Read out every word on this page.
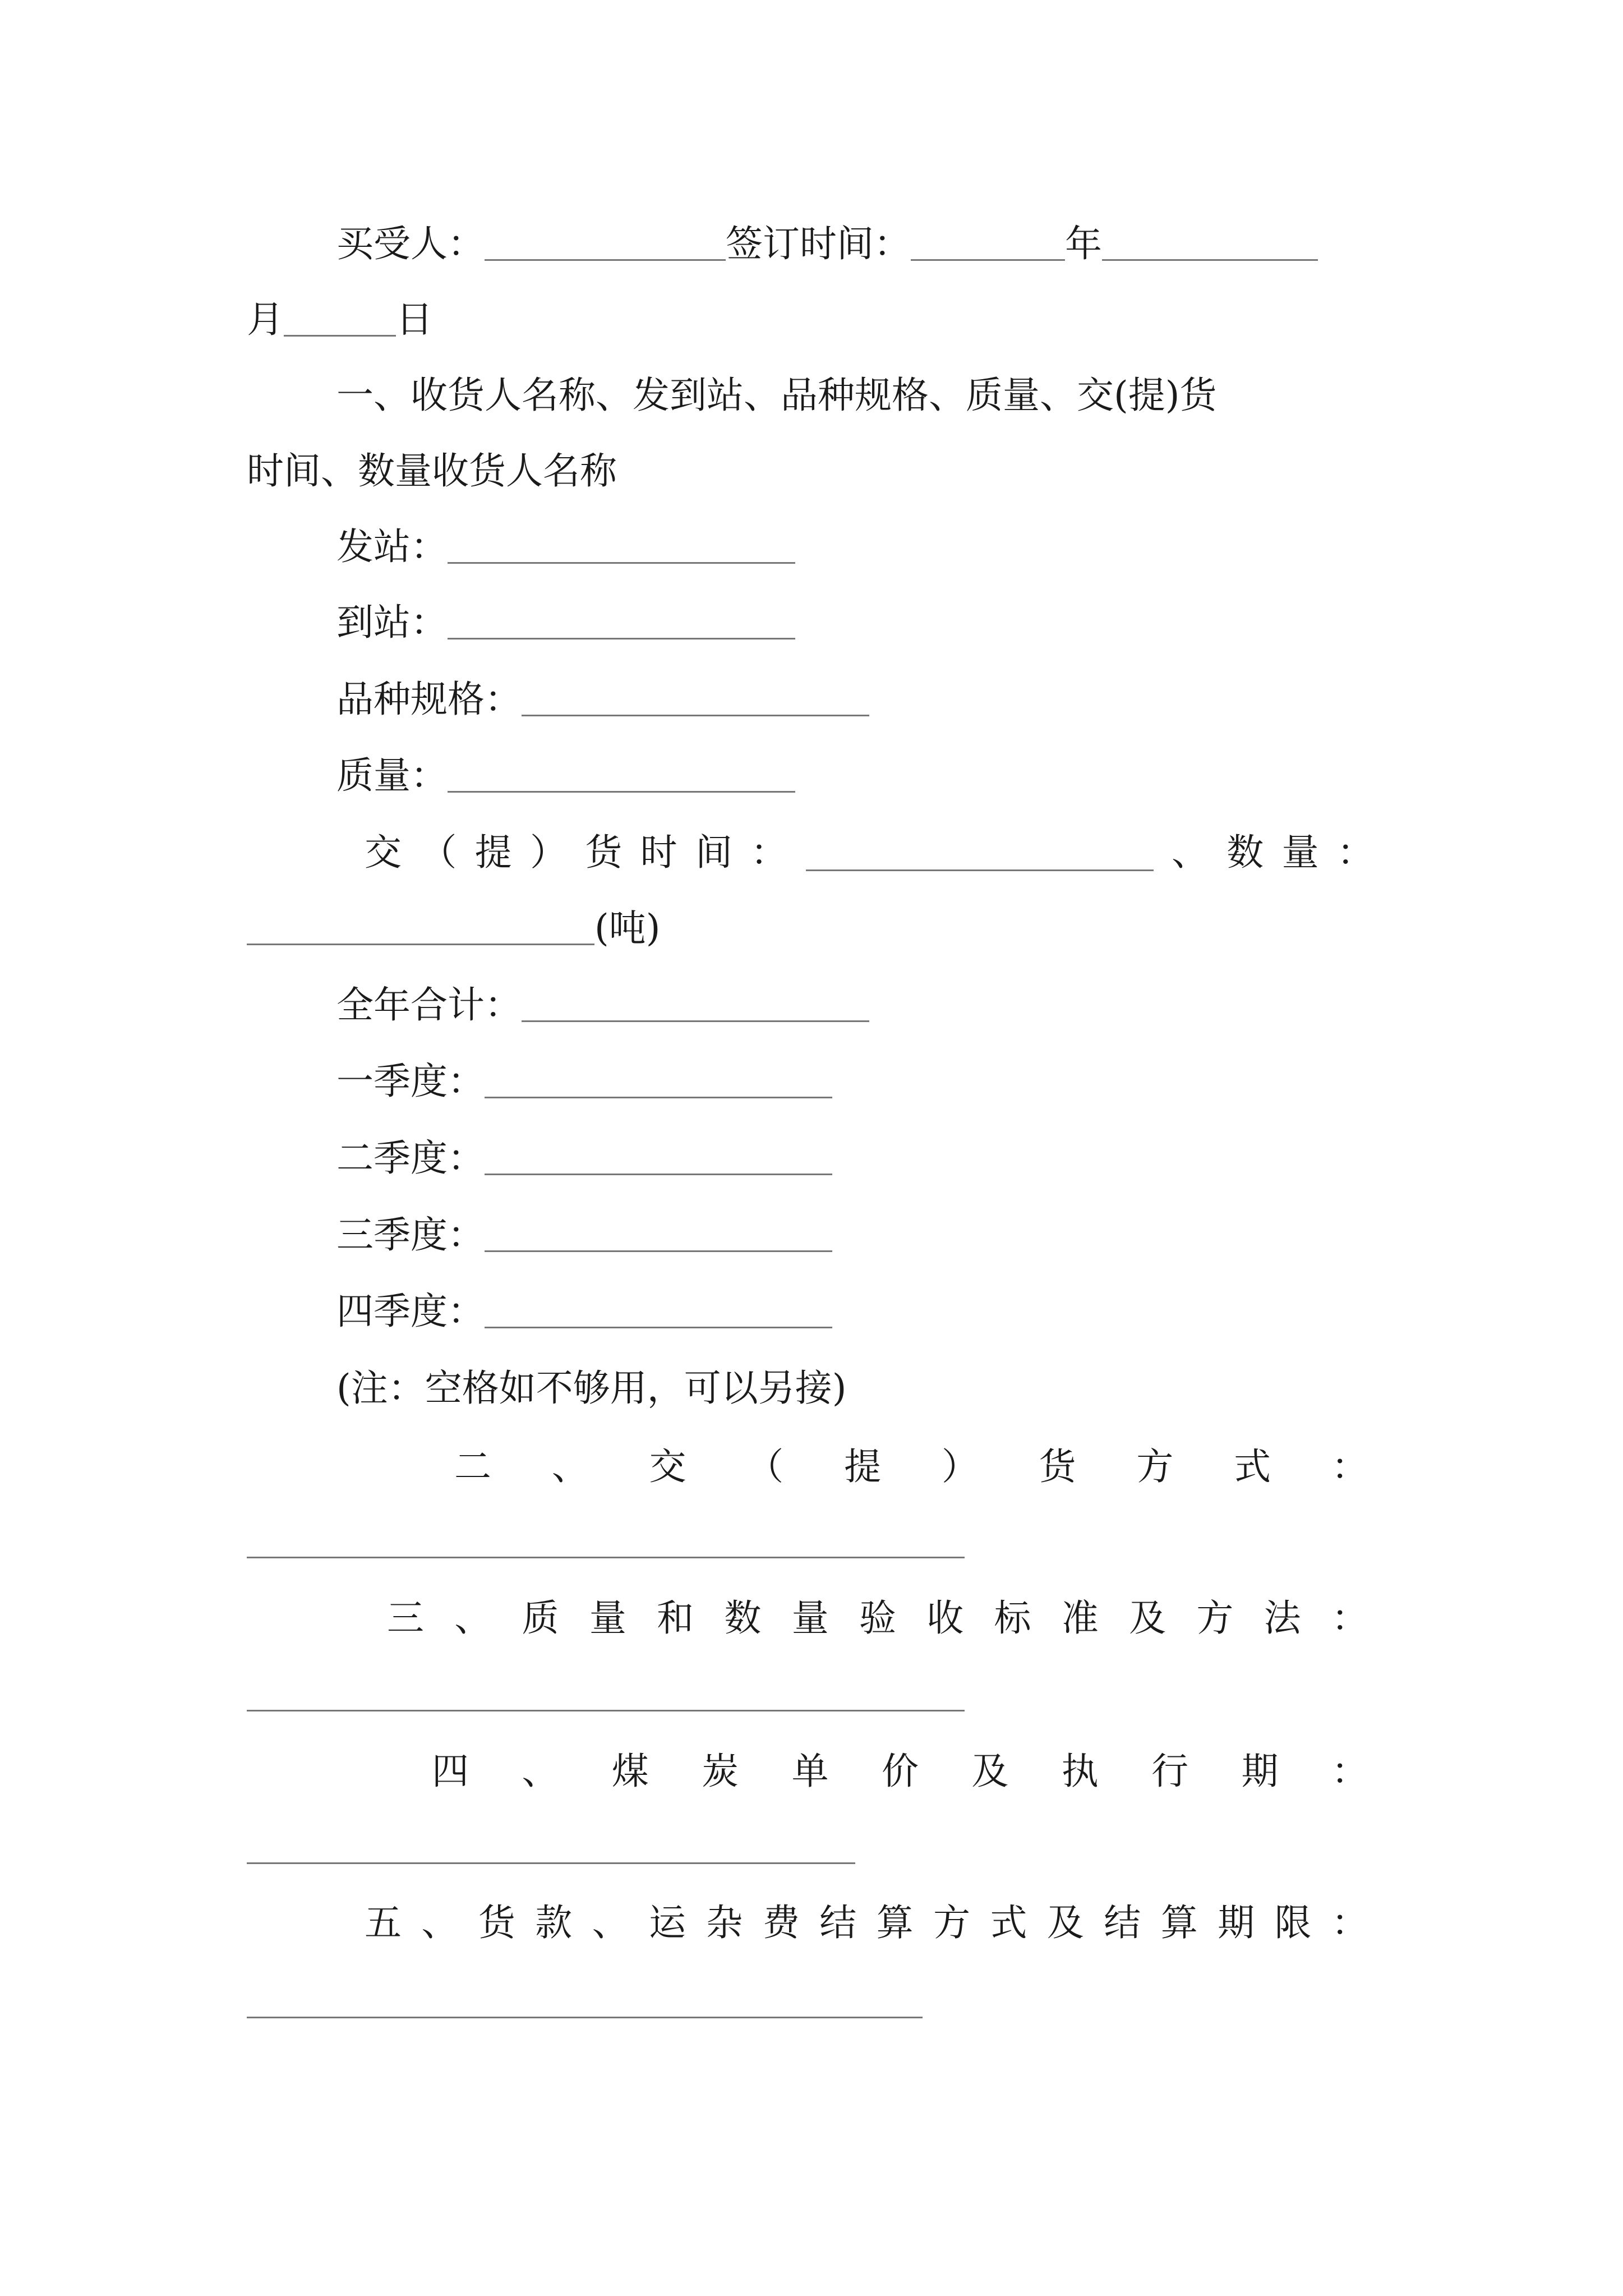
买受人：	签订时间：	年
月	日
一、收货人名称、发到站、品种规格、质量、交(提)货
时间、数量收货人名称
发站：
到站：
品种规格：
质量：
交 （ 提 ） 货 时 间 ：	、 数 量 ：
(吨)
全年合计：
一季度：
二季度：
三季度：
四季度：
(注：空格如不够用，可以另接)
二 、 交 （ 提 ） 货 方 式 ：
三 、 质 量 和 数 量 验 收 标 准 及 方 法 ：
四 、 煤 炭 单 价 及 执 行 期 ：
五 、 货 款 、 运 杂 费 结 算 方 式 及 结 算 期 限 ：
